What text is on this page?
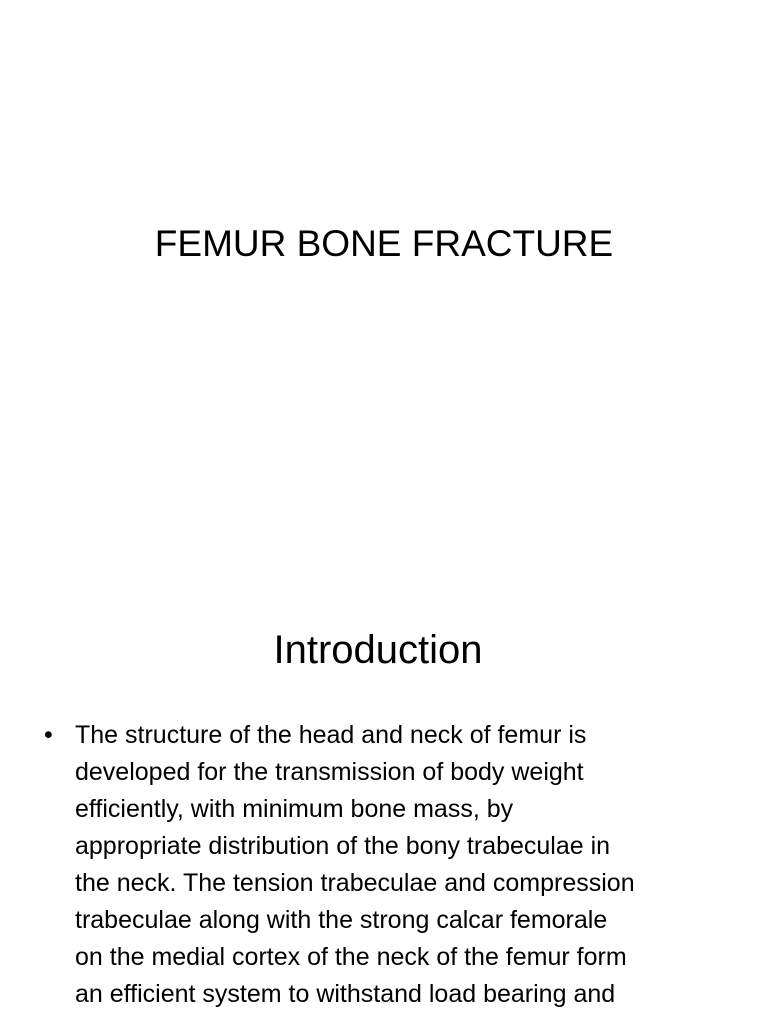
FEMUR BONE FRACTURE
Introduction
• The structure of the head and neck of femur is
developed for the transmission of body weight
efficiently, with minimum bone mass, by
appropriate distribution of the bony trabeculae in
the neck. The tension trabeculae and compression
trabeculae along with the strong calcar femorale
on the medial cortex of the neck of the femur form
an efficient system to withstand load bearing and
